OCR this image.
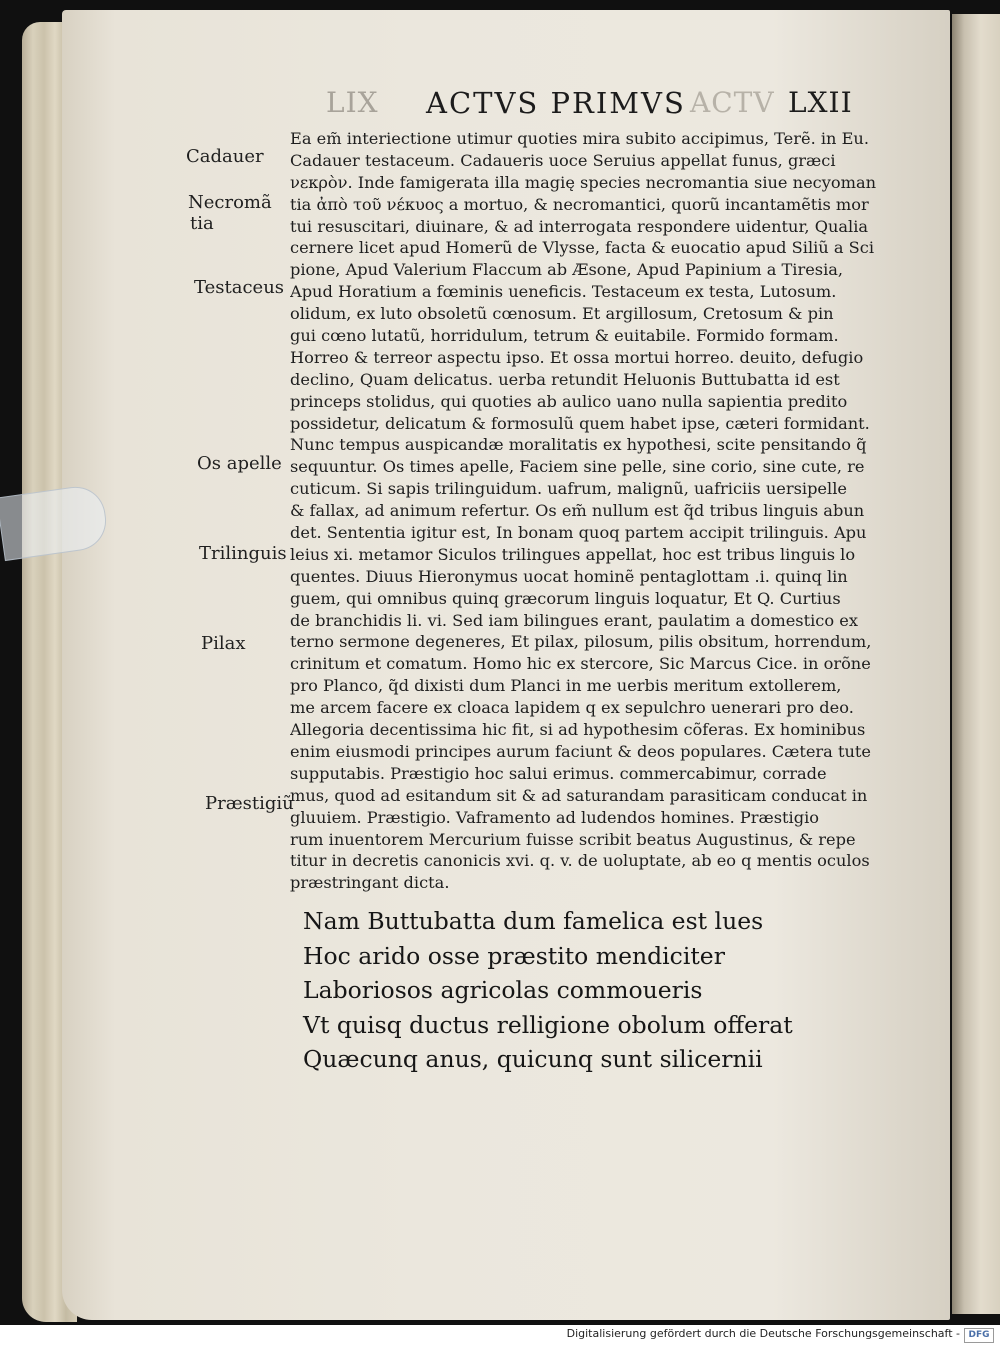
LIX ACTVS PRIMVS ACTV LXII
Cadauer
Necromã
tia
Testaceus
Os apelle
Trilinguis
Pilax
Præstigiũ
Ea em̃ interiectione utimur quoties mira subito accipimus, Terẽ. in Eu.
Cadauer testaceum. Cadaueris uoce Seruius appellat funus, græci
νεκρὸν. Inde famigerata illa magię species necromantia siue necyoman
tia ἀπὸ τοῦ νέκυος a mortuo, & necromantici, quorũ incantamẽtis mor
tui resuscitari, diuinare, & ad interrogata respondere uidentur, Qualia
cernere licet apud Homerũ de Vlysse, facta & euocatio apud Siliũ a Sci
pione, Apud Valerium Flaccum ab Æsone, Apud Papinium a Tiresia,
Apud Horatium a fœminis ueneficis. Testaceum ex testa, Lutosum.
olidum, ex luto obsoletũ cœnosum. Et argillosum, Cretosum & pin
gui cœno lutatũ, horridulum, tetrum & euitabile. Formido formam.
Horreo & terreor aspectu ipso. Et ossa mortui horreo. deuito, defugio
declino, Quam delicatus. uerba retundit Heluonis Buttubatta id est
princeps stolidus, qui quoties ab aulico uano nulla sapientia predito
possidetur, delicatum & formosulũ quem habet ipse, cæteri formidant.
Nunc tempus auspicandæ moralitatis ex hypothesi, scite pensitando q̃
sequuntur. Os times apelle, Faciem sine pelle, sine corio, sine cute, re
cuticum. Si sapis trilinguidum. uafrum, malignũ, uafriciis uersipelle
& fallax, ad animum refertur. Os em̃ nullum est q̃d tribus linguis abun
det. Sententia igitur est, In bonam quoq partem accipit trilinguis. Apu
leius xi. metamor Siculos trilingues appellat, hoc est tribus linguis lo
quentes. Diuus Hieronymus uocat hominẽ pentaglottam .i. quinq lin
guem, qui omnibus quinq græcorum linguis loquatur, Et Q. Curtius
de branchidis li. vi. Sed iam bilingues erant, paulatim a domestico ex
terno sermone degeneres, Et pilax, pilosum, pilis obsitum, horrendum,
crinitum et comatum. Homo hic ex stercore, Sic Marcus Cice. in orõne
pro Planco, q̃d dixisti dum Planci in me uerbis meritum extollerem,
me arcem facere ex cloaca lapidem q ex sepulchro uenerari pro deo.
Allegoria decentissima hic fit, si ad hypothesim cõferas. Ex hominibus
enim eiusmodi principes aurum faciunt & deos populares. Cætera tute
supputabis. Præstigio hoc salui erimus. commercabimur, corrade
mus, quod ad esitandum sit & ad saturandam parasiticam conducat in
gluuiem. Præstigio. Vaframento ad ludendos homines. Præstigio
rum inuentorem Mercurium fuisse scribit beatus Augustinus, & repe
titur in decretis canonicis xvi. q. v. de uoluptate, ab eo q mentis oculos
præstringant dicta.
Nam Buttubatta dum famelica est lues
Hoc arido osse præstito mendiciter
Laboriosos agricolas commoueris
Vt quisq ductus relligione obolum offerat
Quæcunq anus, quicunq sunt silicernii
Digitalisierung gefördert durch die Deutsche Forschungsgemeinschaft - DFG
